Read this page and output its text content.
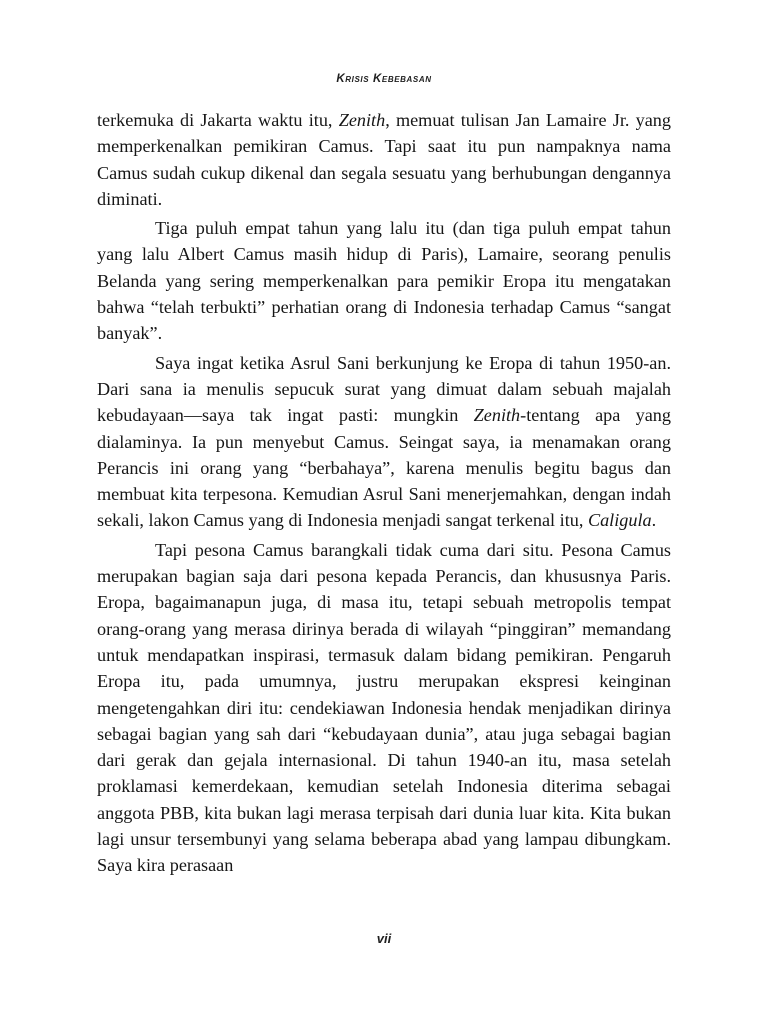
Krisis Kebebasan

terkemuka di Jakarta waktu itu, Zenith, memuat tulisan Jan Lamaire Jr. yang memperkenalkan pemikiran Camus. Tapi saat itu pun nampaknya nama Camus sudah cukup dikenal dan segala sesuatu yang berhubungan dengannya diminati.

Tiga puluh empat tahun yang lalu itu (dan tiga puluh empat tahun yang lalu Albert Camus masih hidup di Paris), Lamaire, seorang penulis Belanda yang sering memperkenalkan para pemikir Eropa itu mengatakan bahwa “telah terbukti” perhatian orang di Indonesia terhadap Camus “sangat banyak”.

Saya ingat ketika Asrul Sani berkunjung ke Eropa di tahun 1950-an. Dari sana ia menulis sepucuk surat yang dimuat dalam sebuah majalah kebudayaan—saya tak ingat pasti: mungkin Zenith-tentang apa yang dialaminya. Ia pun menyebut Camus. Seingat saya, ia menamakan orang Perancis ini orang yang “berbahaya”, karena menulis begitu bagus dan membuat kita terpesona. Kemudian Asrul Sani menerjemahkan, dengan indah sekali, lakon Camus yang di Indonesia menjadi sangat terkenal itu, Caligula.

Tapi pesona Camus barangkali tidak cuma dari situ. Pesona Camus merupakan bagian saja dari pesona kepada Perancis, dan khususnya Paris. Eropa, bagaimanapun juga, di masa itu, tetapi sebuah metropolis tempat orang-orang yang merasa dirinya berada di wilayah “pinggiran” memandang untuk mendapatkan inspirasi, termasuk dalam bidang pemikiran. Pengaruh Eropa itu, pada umumnya, justru merupakan ekspresi keinginan mengetengahkan diri itu: cendekiawan Indonesia hendak menjadikan dirinya sebagai bagian yang sah dari “kebudayaan dunia”, atau juga sebagai bagian dari gerak dan gejala internasional. Di tahun 1940-an itu, masa setelah proklamasi kemerdekaan, kemudian setelah Indonesia diterima sebagai anggota PBB, kita bukan lagi merasa terpisah dari dunia luar kita. Kita bukan lagi unsur tersembunyi yang selama beberapa abad yang lampau dibungkam. Saya kira perasaan

vii
